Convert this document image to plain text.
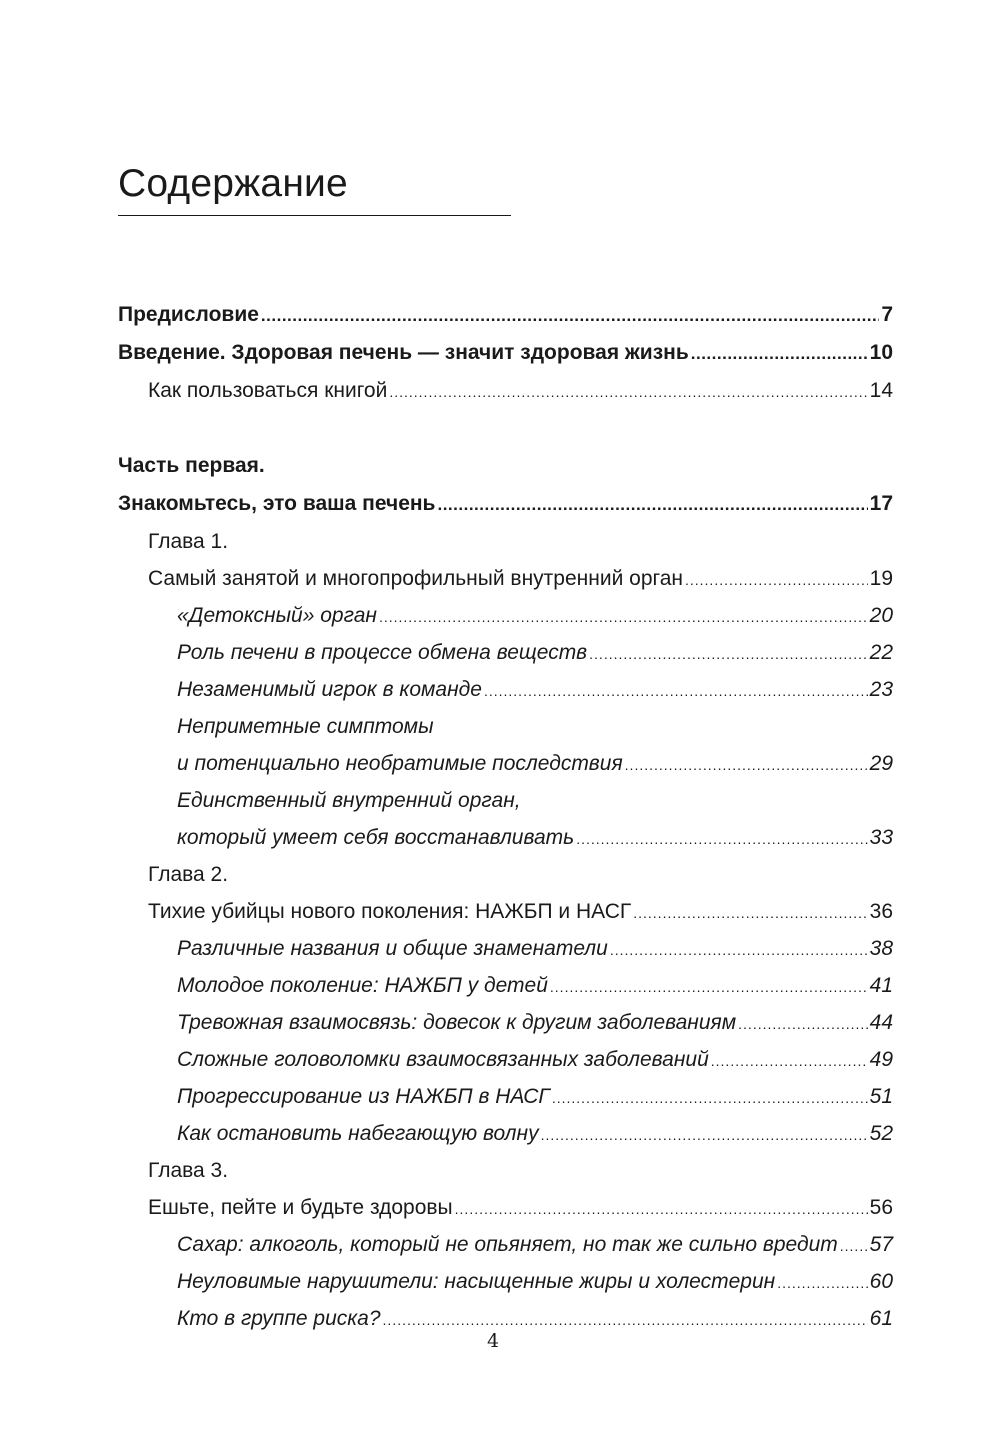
Содержание
Предисловие .....	7
Введение. Здоровая печень — значит здоровая жизнь .....	10
Как пользоваться книгой .....	14
Часть первая.
Знакомьтесь, это ваша печень .....	17
Глава 1.
Самый занятой и многопрофильный внутренний орган .....	19
«Детоксный» орган .....	20
Роль печени в процессе обмена веществ .....	22
Незаменимый игрок в команде .....	23
Неприметные симптомы
и потенциально необратимые последствия .....	29
Единственный внутренний орган,
который умеет себя восстанавливать .....	33
Глава 2.
Тихие убийцы нового поколения: НАЖБП и НАСГ .....	36
Различные названия и общие знаменатели .....	38
Молодое поколение: НАЖБП у детей .....	41
Тревожная взаимосвязь: довесок к другим заболеваниям .....	44
Сложные головоломки взаимосвязанных заболеваний .....	49
Прогрессирование из НАЖБП в НАСГ .....	51
Как остановить набегающую волну .....	52
Глава 3.
Ешьте, пейте и будьте здоровы .....	56
Сахар: алкоголь, который не опьяняет, но так же сильно вредит ..... 57
Неуловимые нарушители: насыщенные жиры и холестерин .....	60
Кто в группе риска? .....	61
4
